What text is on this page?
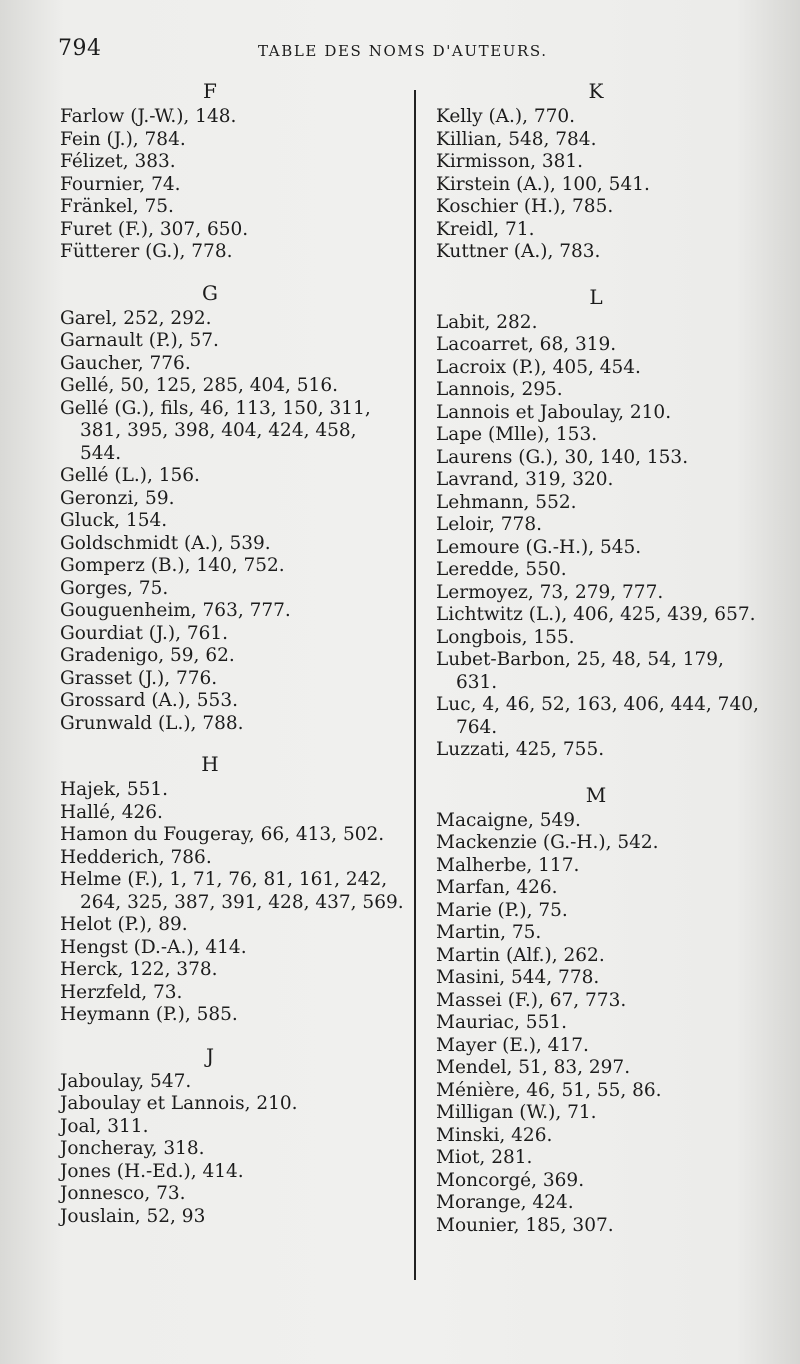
794	TABLE DES NOMS D'AUTEURS.
F
Farlow (J.-W.), 148.
Fein (J.), 784.
Félizet, 383.
Fournier, 74.
Fränkel, 75.
Furet (F.), 307, 650.
Fütterer (G.), 778.
G
Garel, 252, 292.
Garnault (P.), 57.
Gaucher, 776.
Gellé, 50, 125, 285, 404, 516.
Gellé (G.), fils, 46, 113, 150, 311,
381, 395, 398, 404, 424, 458,
544.
Gellé (L.), 156.
Geronzi, 59.
Gluck, 154.
Goldschmidt (A.), 539.
Gomperz (B.), 140, 752.
Gorges, 75.
Gouguenheim, 763, 777.
Gourdiat (J.), 761.
Gradenigo, 59, 62.
Grasset (J.), 776.
Grossard (A.), 553.
Grunwald (L.), 788.
H
Hajek, 551.
Hallé, 426.
Hamon du Fougeray, 66, 413, 502.
Hedderich, 786.
Helme (F.), 1, 71, 76, 81, 161, 242,
264, 325, 387, 391, 428, 437, 569.
Helot (P.), 89.
Hengst (D.-A.), 414.
Herck, 122, 378.
Herzfeld, 73.
Heymann (P.), 585.
J
Jaboulay, 547.
Jaboulay et Lannois, 210.
Joal, 311.
Joncheray, 318.
Jones (H.-Ed.), 414.
Jonnesco, 73.
Jouslain, 52, 93
K
Kelly (A.), 770.
Killian, 548, 784.
Kirmisson, 381.
Kirstein (A.), 100, 541.
Koschier (H.), 785.
Kreidl, 71.
Kuttner (A.), 783.
L
Labit, 282.
Lacoarret, 68, 319.
Lacroix (P.), 405, 454.
Lannois, 295.
Lannois et Jaboulay, 210.
Lape (Mlle), 153.
Laurens (G.), 30, 140, 153.
Lavrand, 319, 320.
Lehmann, 552.
Leloir, 778.
Lemoure (G.-H.), 545.
Leredde, 550.
Lermoyez, 73, 279, 777.
Lichtwitz (L.), 406, 425, 439, 657.
Longbois, 155.
Lubet-Barbon, 25, 48, 54, 179,
631.
Luc, 4, 46, 52, 163, 406, 444, 740,
764.
Luzzati, 425, 755.
M
Macaigne, 549.
Mackenzie (G.-H.), 542.
Malherbe, 117.
Marfan, 426.
Marie (P.), 75.
Martin, 75.
Martin (Alf.), 262.
Masini, 544, 778.
Massei (F.), 67, 773.
Mauriac, 551.
Mayer (E.), 417.
Mendel, 51, 83, 297.
Ménière, 46, 51, 55, 86.
Milligan (W.), 71.
Minski, 426.
Miot, 281.
Moncorgé, 369.
Morange, 424.
Mounier, 185, 307.
